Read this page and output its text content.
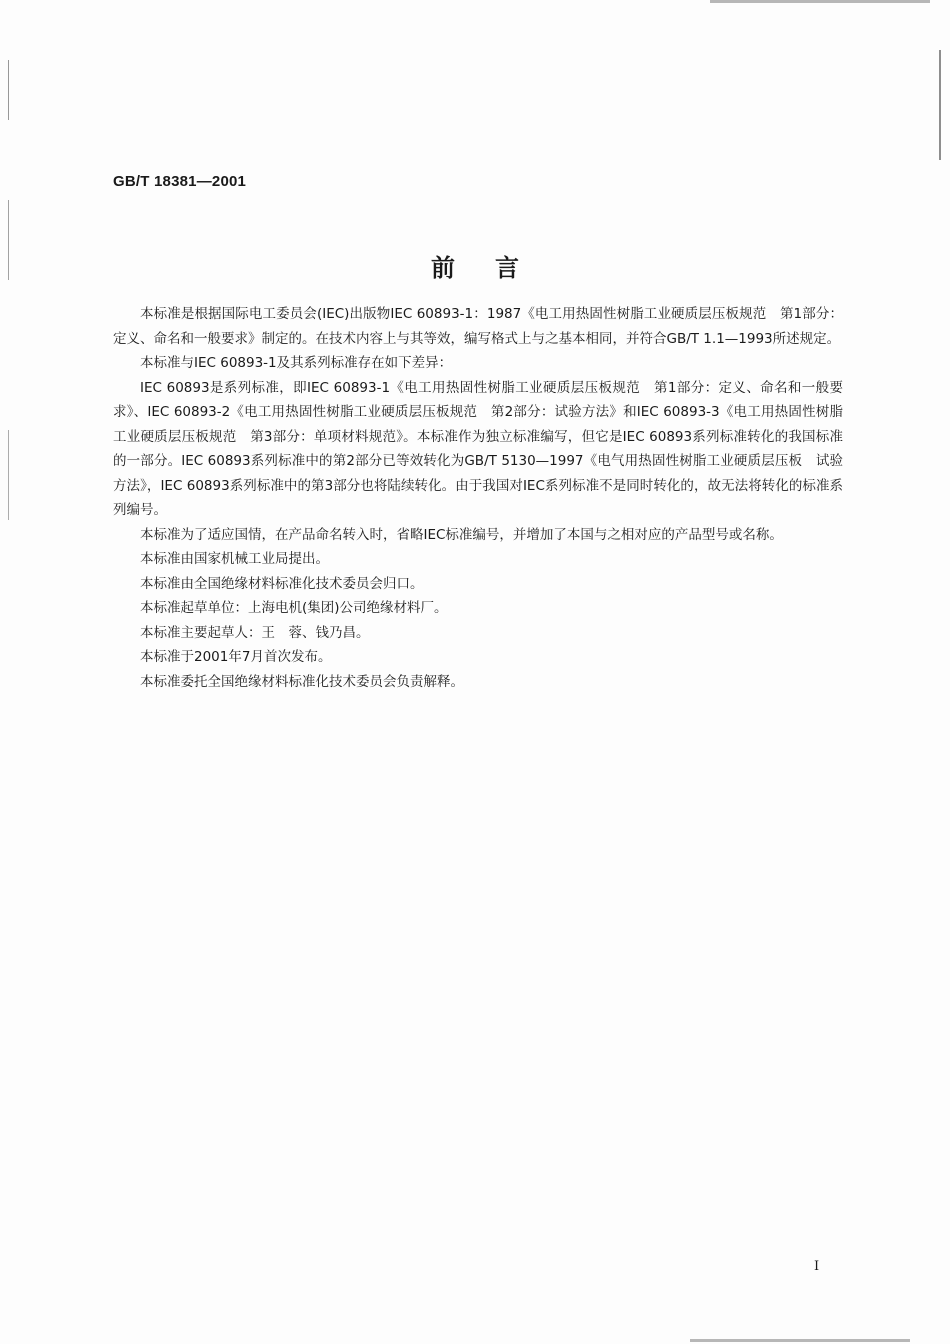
GB/T 18381—2001
前言

本标准是根据国际电工委员会(IEC)出版物IEC 60893-1：1987《电工用热固性树脂工业硬质层压板规范　第1部分：定义、命名和一般要求》制定的。在技术内容上与其等效，编写格式上与之基本相同，并符合GB/T 1.1—1993所述规定。

本标准与IEC 60893-1及其系列标准存在如下差异：

IEC 60893是系列标准，即IEC 60893-1《电工用热固性树脂工业硬质层压板规范　第1部分：定义、命名和一般要求》、IEC 60893-2《电工用热固性树脂工业硬质层压板规范　第2部分：试验方法》和IEC 60893-3《电工用热固性树脂工业硬质层压板规范　第3部分：单项材料规范》。本标准作为独立标准编写，但它是IEC 60893系列标准转化的我国标准的一部分。IEC 60893系列标准中的第2部分已等效转化为GB/T 5130—1997《电气用热固性树脂工业硬质层压板　试验方法》，IEC 60893系列标准中的第3部分也将陆续转化。由于我国对IEC系列标准不是同时转化的，故无法将转化的标准系列编号。

本标准为了适应国情，在产品命名转入时，省略IEC标准编号，并增加了本国与之相对应的产品型号或名称。

本标准由国家机械工业局提出。

本标准由全国绝缘材料标准化技术委员会归口。

本标准起草单位：上海电机(集团)公司绝缘材料厂。

本标准主要起草人：王　蓉、钱乃昌。

本标准于2001年7月首次发布。

本标准委托全国绝缘材料标准化技术委员会负责解释。

I
